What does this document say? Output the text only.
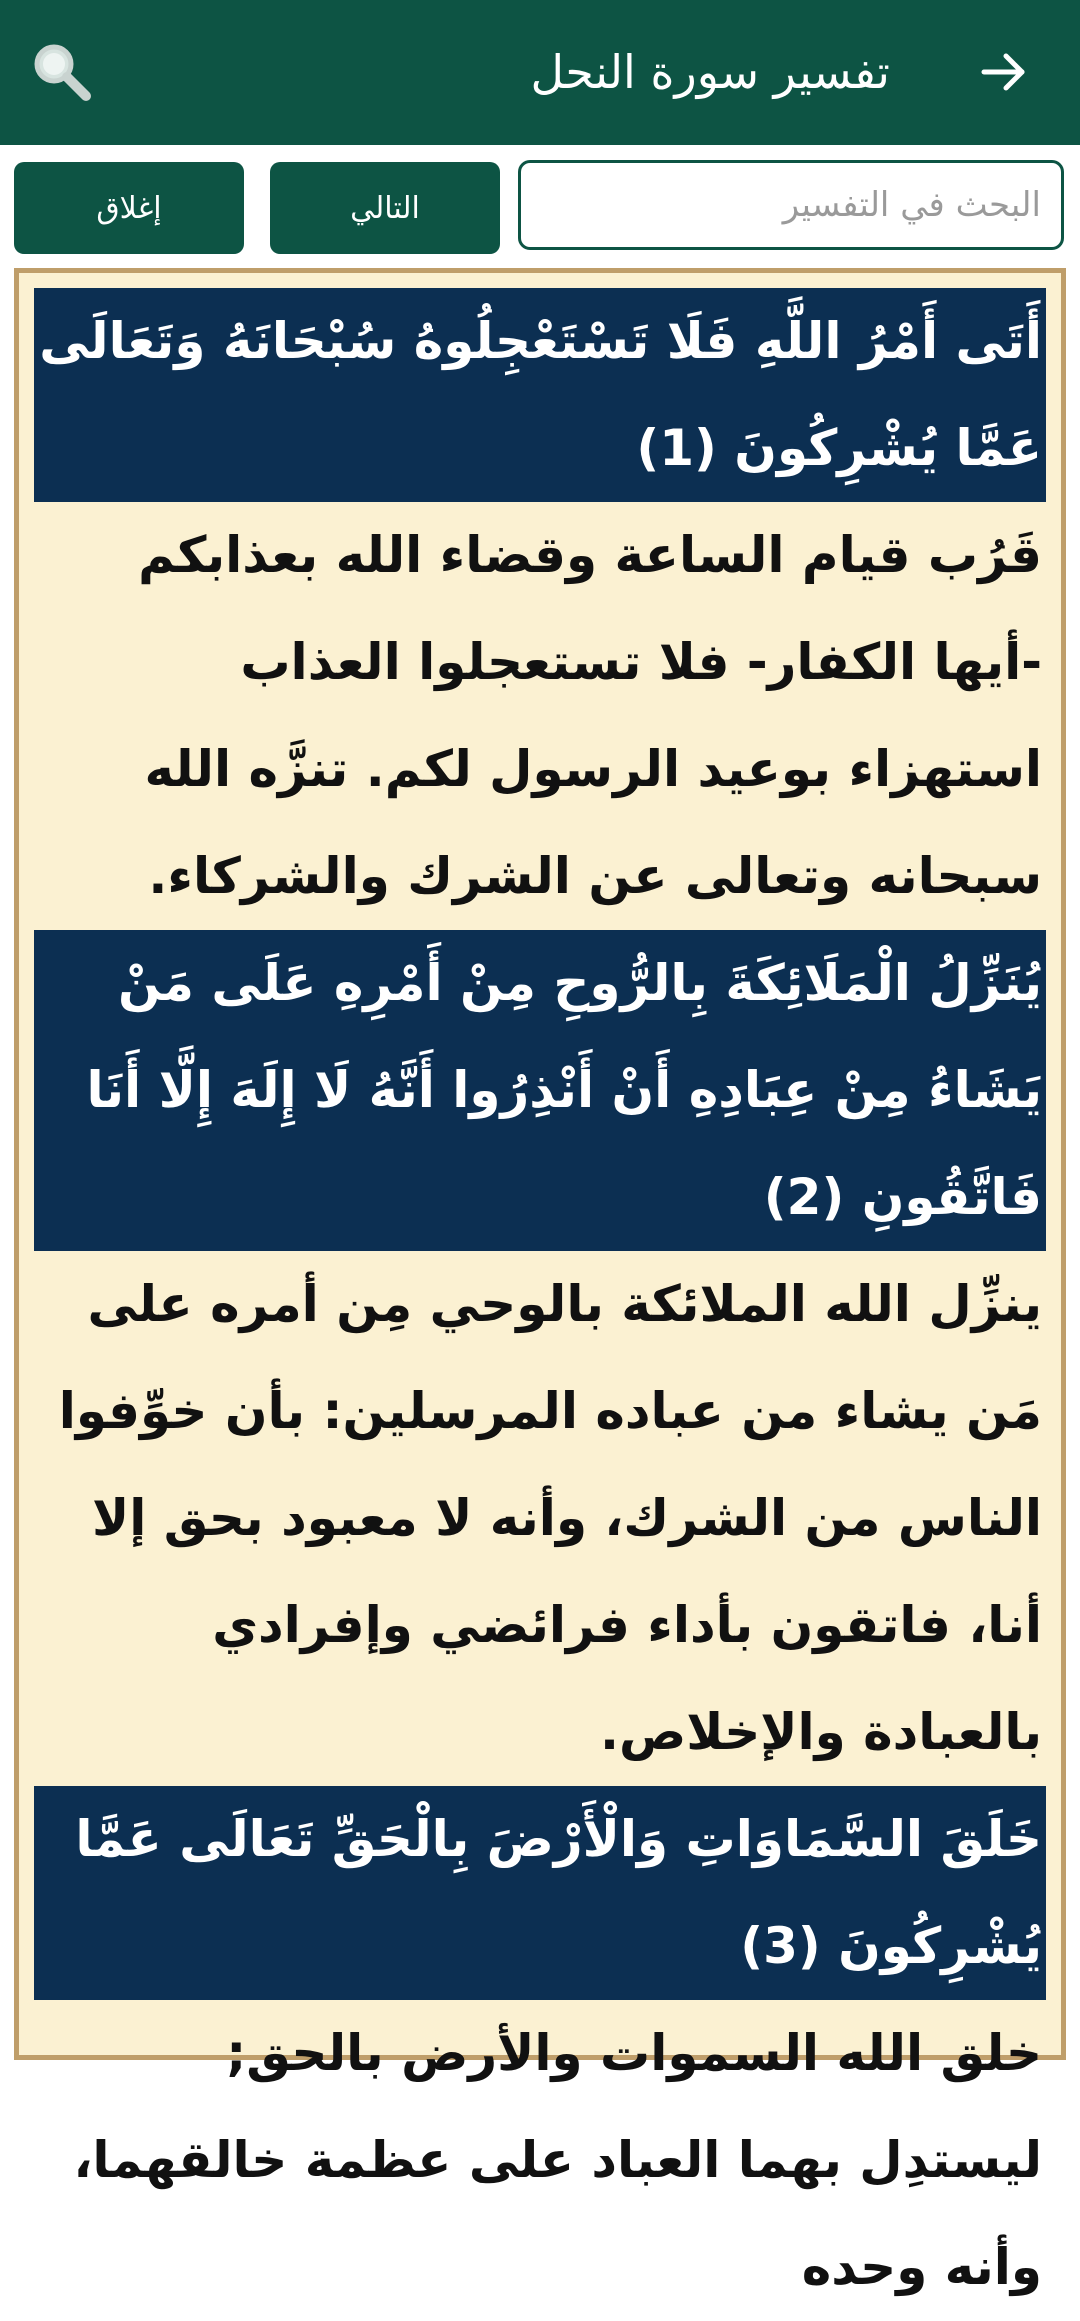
تفسير سورة النحل
البحث في التفسير
التالي
إغلاق
أَتَى أَمْرُ اللَّهِ فَلَا تَسْتَعْجِلُوهُ سُبْحَانَهُ وَتَعَالَى عَمَّا يُشْرِكُونَ (1)
قَرُب قيام الساعة وقضاء الله بعذابكم -أيها الكفار- فلا تستعجلوا العذاب استهزاء بوعيد الرسول لكم. تنزَّه الله سبحانه وتعالى عن الشرك والشركاء.
يُنَزِّلُ الْمَلَائِكَةَ بِالرُّوحِ مِنْ أَمْرِهِ عَلَى مَنْ يَشَاءُ مِنْ عِبَادِهِ أَنْ أَنْذِرُوا أَنَّهُ لَا إِلَهَ إِلَّا أَنَا فَاتَّقُونِ (2)
ينزِّل الله الملائكة بالوحي مِن أمره على مَن يشاء من عباده المرسلين: بأن خوِّفوا الناس من الشرك، وأنه لا معبود بحق إلا أنا، فاتقون بأداء فرائضي وإفرادي بالعبادة والإخلاص.
خَلَقَ السَّمَاوَاتِ وَالْأَرْضَ بِالْحَقِّ تَعَالَى عَمَّا يُشْرِكُونَ (3)
خلق الله السموات والأرض بالحق; ليستدِل بهما العباد على عظمة خالقهما، وأنه وحده
